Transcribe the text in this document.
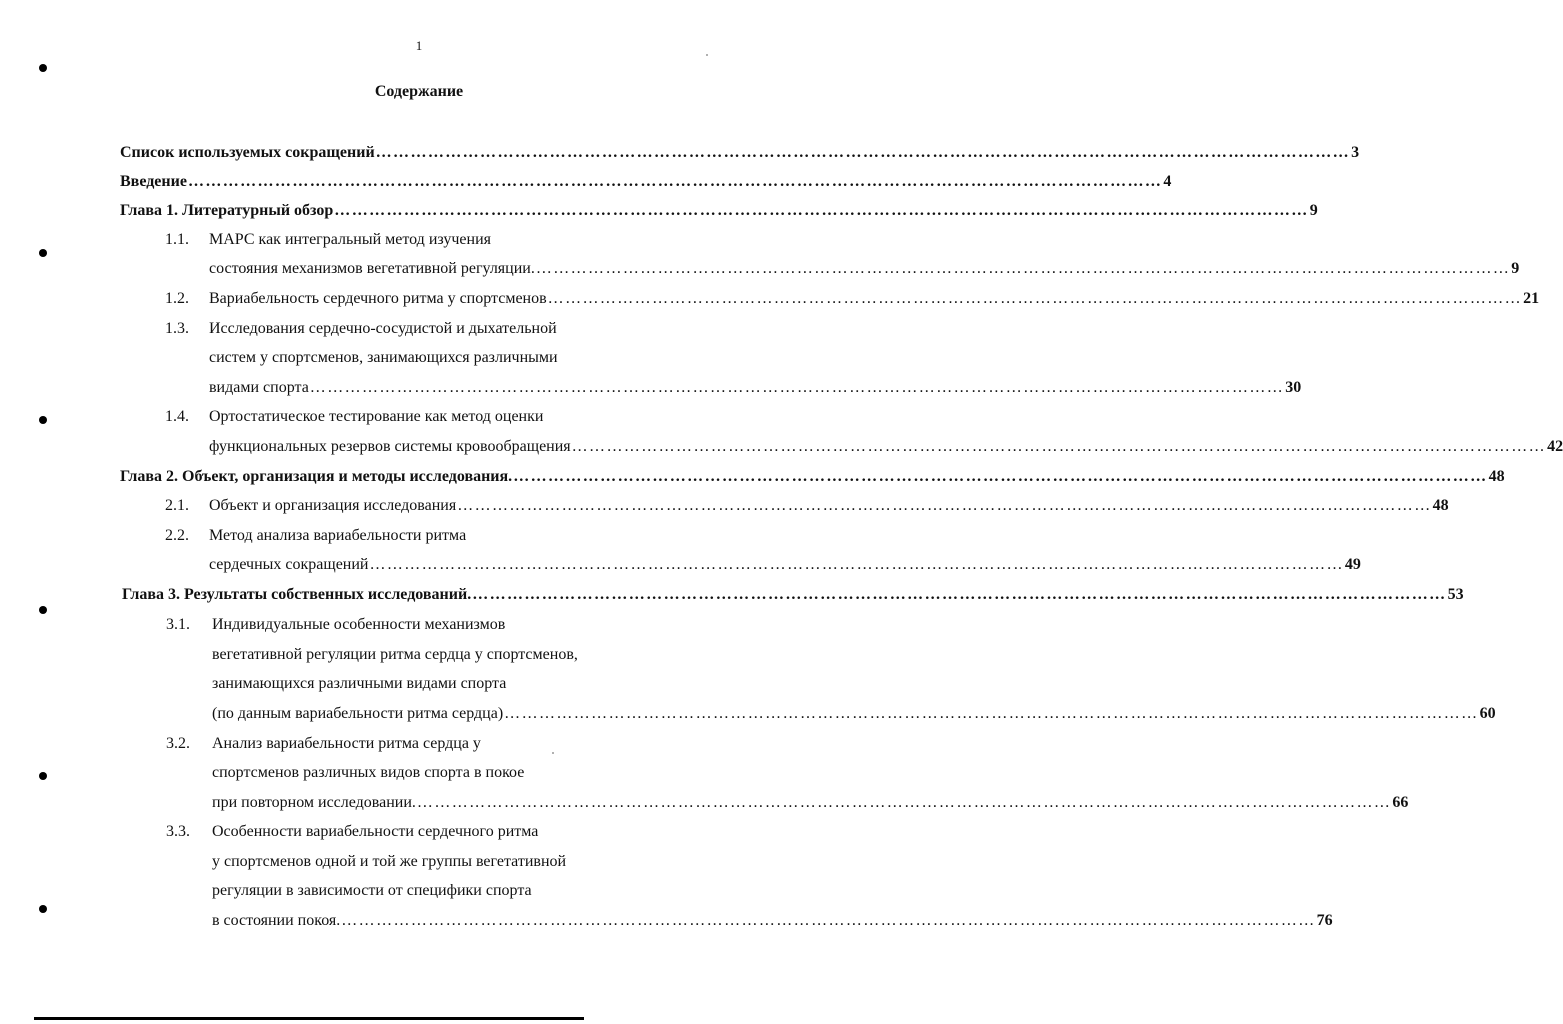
1
Содержание
Список используемых сокращений …………………………………………………………………………………………………………………………………………………… 3
Введение …………………………………………………………………………………………………………………………………………………… 4
Глава 1. Литературный обзор …………………………………………………………………………………………………………………………………………………… 9
1.1. МАРС как интегральный метод изучения
состояния механизмов вегетативной регуляции. …………………………………………………………………………………………………………………………………………………… 9
1.2. Вариабельность сердечного ритма у спортсменов …………………………………………………………………………………………………………………………………………………… 21
1.3. Исследования сердечно-сосудистой и дыхательной
систем у спортсменов, занимающихся различными
видами спорта …………………………………………………………………………………………………………………………………………………… 30
1.4. Ортостатическое тестирование как метод оценки
функциональных резервов системы кровообращения …………………………………………………………………………………………………………………………………………………… 42
Глава 2. Объект, организация и методы исследования. …………………………………………………………………………………………………………………………………………………… 48
2.1. Объект и организация исследования …………………………………………………………………………………………………………………………………………………… 48
2.2. Метод анализа вариабельности ритма
сердечных сокращений …………………………………………………………………………………………………………………………………………………… 49
Глава 3. Результаты собственных исследований. …………………………………………………………………………………………………………………………………………………… 53
3.1. Индивидуальные особенности механизмов
вегетативной регуляции ритма сердца у спортсменов,
занимающихся различными видами спорта
(по данным вариабельности ритма сердца) …………………………………………………………………………………………………………………………………………………… 60
3.2. Анализ вариабельности ритма сердца у
спортсменов различных видов спорта в покое
при повторном исследовании. …………………………………………………………………………………………………………………………………………………… 66
3.3. Особенности вариабельности сердечного ритма
у спортсменов одной и той же группы вегетативной
регуляции в зависимости от специфики спорта
в состоянии покоя. …………………………………………………………………………………………………………………………………………………… 76
